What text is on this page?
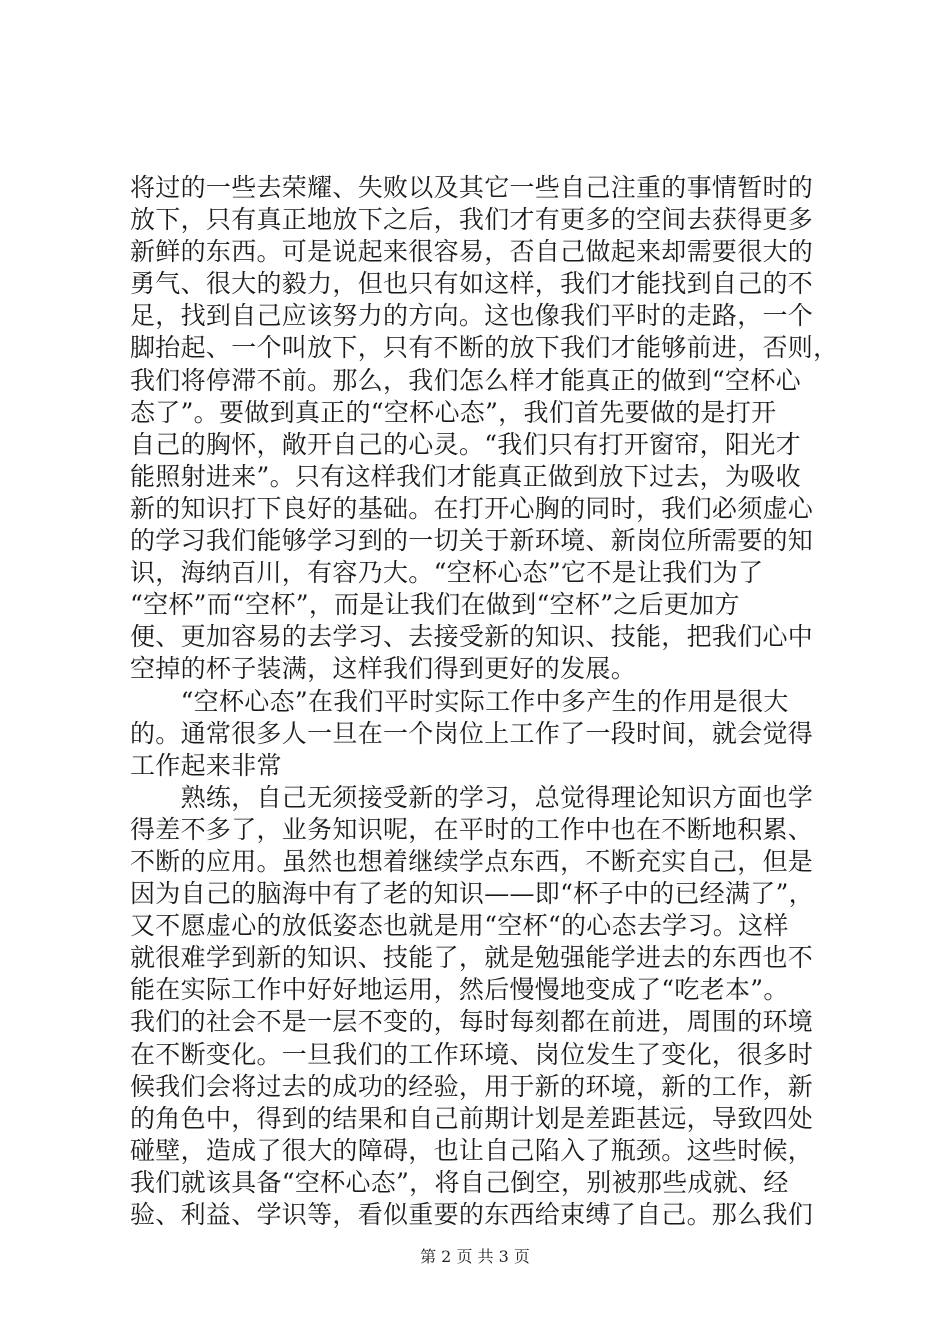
将过的一些去荣耀、失败以及其它一些自己注重的事情暂时的
放下，只有真正地放下之后，我们才有更多的空间去获得更多
新鲜的东西。可是说起来很容易，否自己做起来却需要很大的
勇气、很大的毅力，但也只有如这样，我们才能找到自己的不
足，找到自己应该努力的方向。这也像我们平时的走路，一个
脚抬起、一个叫放下，只有不断的放下我们才能够前进，否则，
我们将停滞不前。那么，我们怎么样才能真正的做到“空杯心
态了”。要做到真正的“空杯心态”，我们首先要做的是打开
自己的胸怀，敞开自己的心灵。“我们只有打开窗帘，阳光才
能照射进来”。只有这样我们才能真正做到放下过去，为吸收
新的知识打下良好的基础。在打开心胸的同时，我们必须虚心
的学习我们能够学习到的一切关于新环境、新岗位所需要的知
识，海纳百川，有容乃大。“空杯心态”它不是让我们为了
“空杯”而“空杯”，而是让我们在做到“空杯”之后更加方
便、更加容易的去学习、去接受新的知识、技能，把我们心中
空掉的杯子装满，这样我们得到更好的发展。
　　“空杯心态”在我们平时实际工作中多产生的作用是很大
的。通常很多人一旦在一个岗位上工作了一段时间，就会觉得
工作起来非常
　　熟练，自己无须接受新的学习，总觉得理论知识方面也学
得差不多了，业务知识呢，在平时的工作中也在不断地积累、
不断的应用。虽然也想着继续学点东西，不断充实自己，但是
因为自己的脑海中有了老的知识——即“杯子中的已经满了”，
又不愿虚心的放低姿态也就是用“空杯“的心态去学习。这样
就很难学到新的知识、技能了，就是勉强能学进去的东西也不
能在实际工作中好好地运用，然后慢慢地变成了“吃老本”。
我们的社会不是一层不变的，每时每刻都在前进，周围的环境
在不断变化。一旦我们的工作环境、岗位发生了变化，很多时
候我们会将过去的成功的经验，用于新的环境，新的工作，新
的角色中，得到的结果和自己前期计划是差距甚远，导致四处
碰壁，造成了很大的障碍，也让自己陷入了瓶颈。这些时候，
我们就该具备“空杯心态”，将自己倒空，别被那些成就、经
验、利益、学识等，看似重要的东西给束缚了自己。那么我们
第 2 页 共 3 页
